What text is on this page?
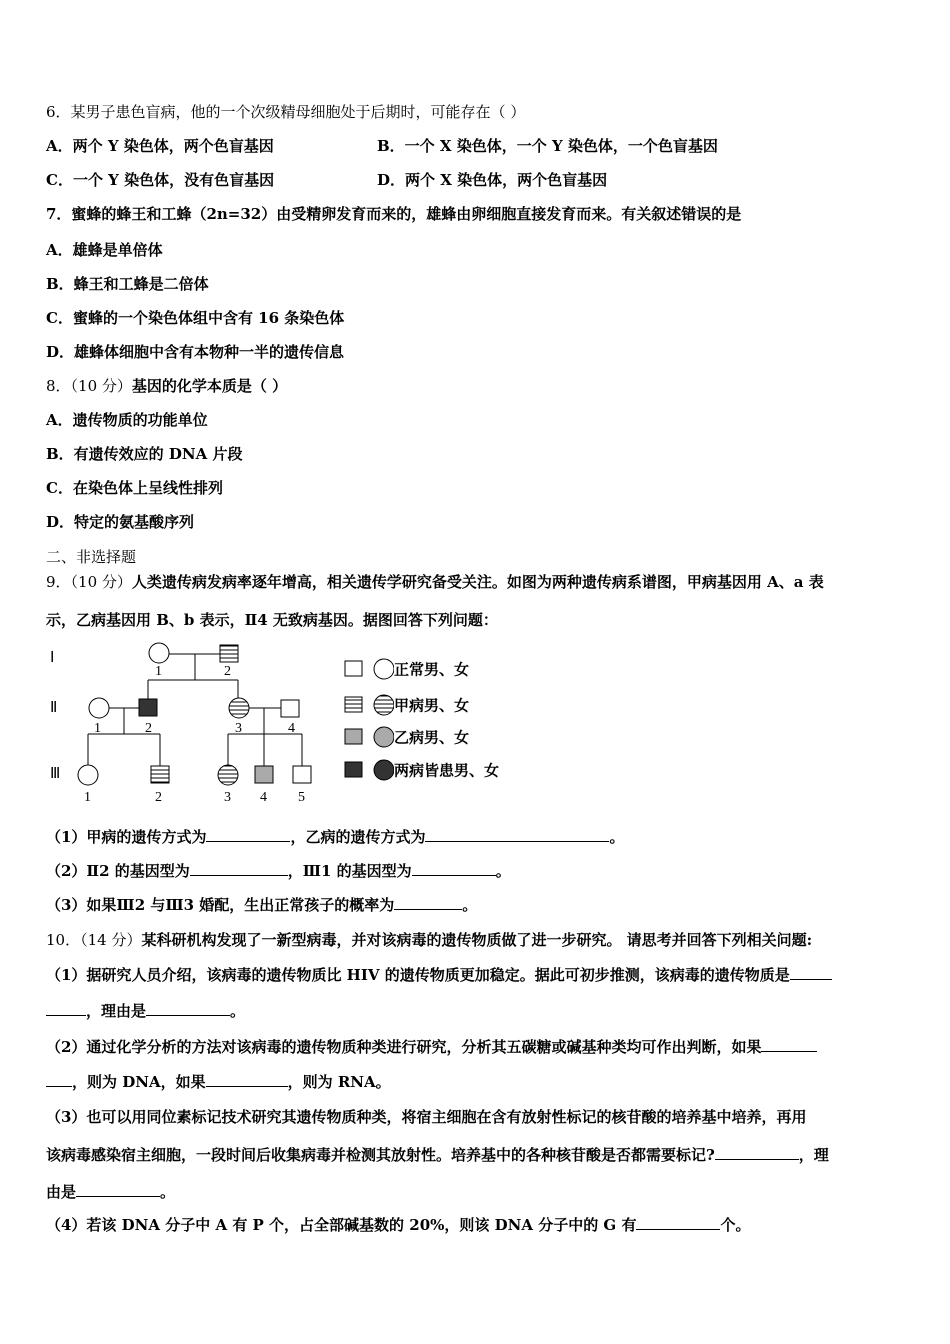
6．某男子患色盲病，他的一个次级精母细胞处于后期时，可能存在（ ）
A．两个 Y 染色体，两个色盲基因	B．一个 X 染色体，一个 Y 染色体，一个色盲基因
C．一个 Y 染色体，没有色盲基因	D．两个 X 染色体，两个色盲基因
7．蜜蜂的蜂王和工蜂（2n=32）由受精卵发育而来的，雄蜂由卵细胞直接发育而来。有关叙述错误的是
A．雄蜂是单倍体
B．蜂王和工蜂是二倍体
C．蜜蜂的一个染色体组中含有 16 条染色体
D．雄蜂体细胞中含有本物种一半的遗传信息
8．（10 分）基因的化学本质是（ ）
A．遗传物质的功能单位
B．有遗传效应的 DNA 片段
C．在染色体上呈线性排列
D．特定的氨基酸序列
二、非选择题
9．（10 分）人类遗传病发病率逐年增高，相关遗传学研究备受关注。如图为两种遗传病系谱图，甲病基因用 A、a 表
示，乙病基因用 B、b 表示，Ⅱ4 无致病基因。据图回答下列问题：
Ⅰ
Ⅱ
Ⅲ
1	2
1	2	3	4
1	2	3 4 5
正常男、女
甲病男、女
乙病男、女
两病皆患男、女
（1）甲病的遗传方式为	，乙病的遗传方式为	。
（2）Ⅱ2 的基因型为	，Ⅲ1 的基因型为	。
（3）如果Ⅲ2 与Ⅲ3 婚配，生出正常孩子的概率为	。
10．（14 分）某科研机构发现了一新型病毒，并对该病毒的遗传物质做了进一步研究。 请思考并回答下列相关问题:
（1）据研究人员介绍，该病毒的遗传物质比 HIV 的遗传物质更加稳定。据此可初步推测，该病毒的遗传物质是
，理由是	。
（2）通过化学分析的方法对该病毒的遗传物质种类进行研究，分析其五碳糖或碱基种类均可作出判断，如果
，则为 DNA，如果	，则为 RNA。
（3）也可以用同位素标记技术研究其遗传物质种类，将宿主细胞在含有放射性标记的核苷酸的培养基中培养，再用
该病毒感染宿主细胞，一段时间后收集病毒并检测其放射性。培养基中的各种核苷酸是否都需要标记?	，理
由是	。
（4）若该 DNA 分子中 A 有 P 个，占全部碱基数的 20%，则该 DNA 分子中的 G 有	个。
